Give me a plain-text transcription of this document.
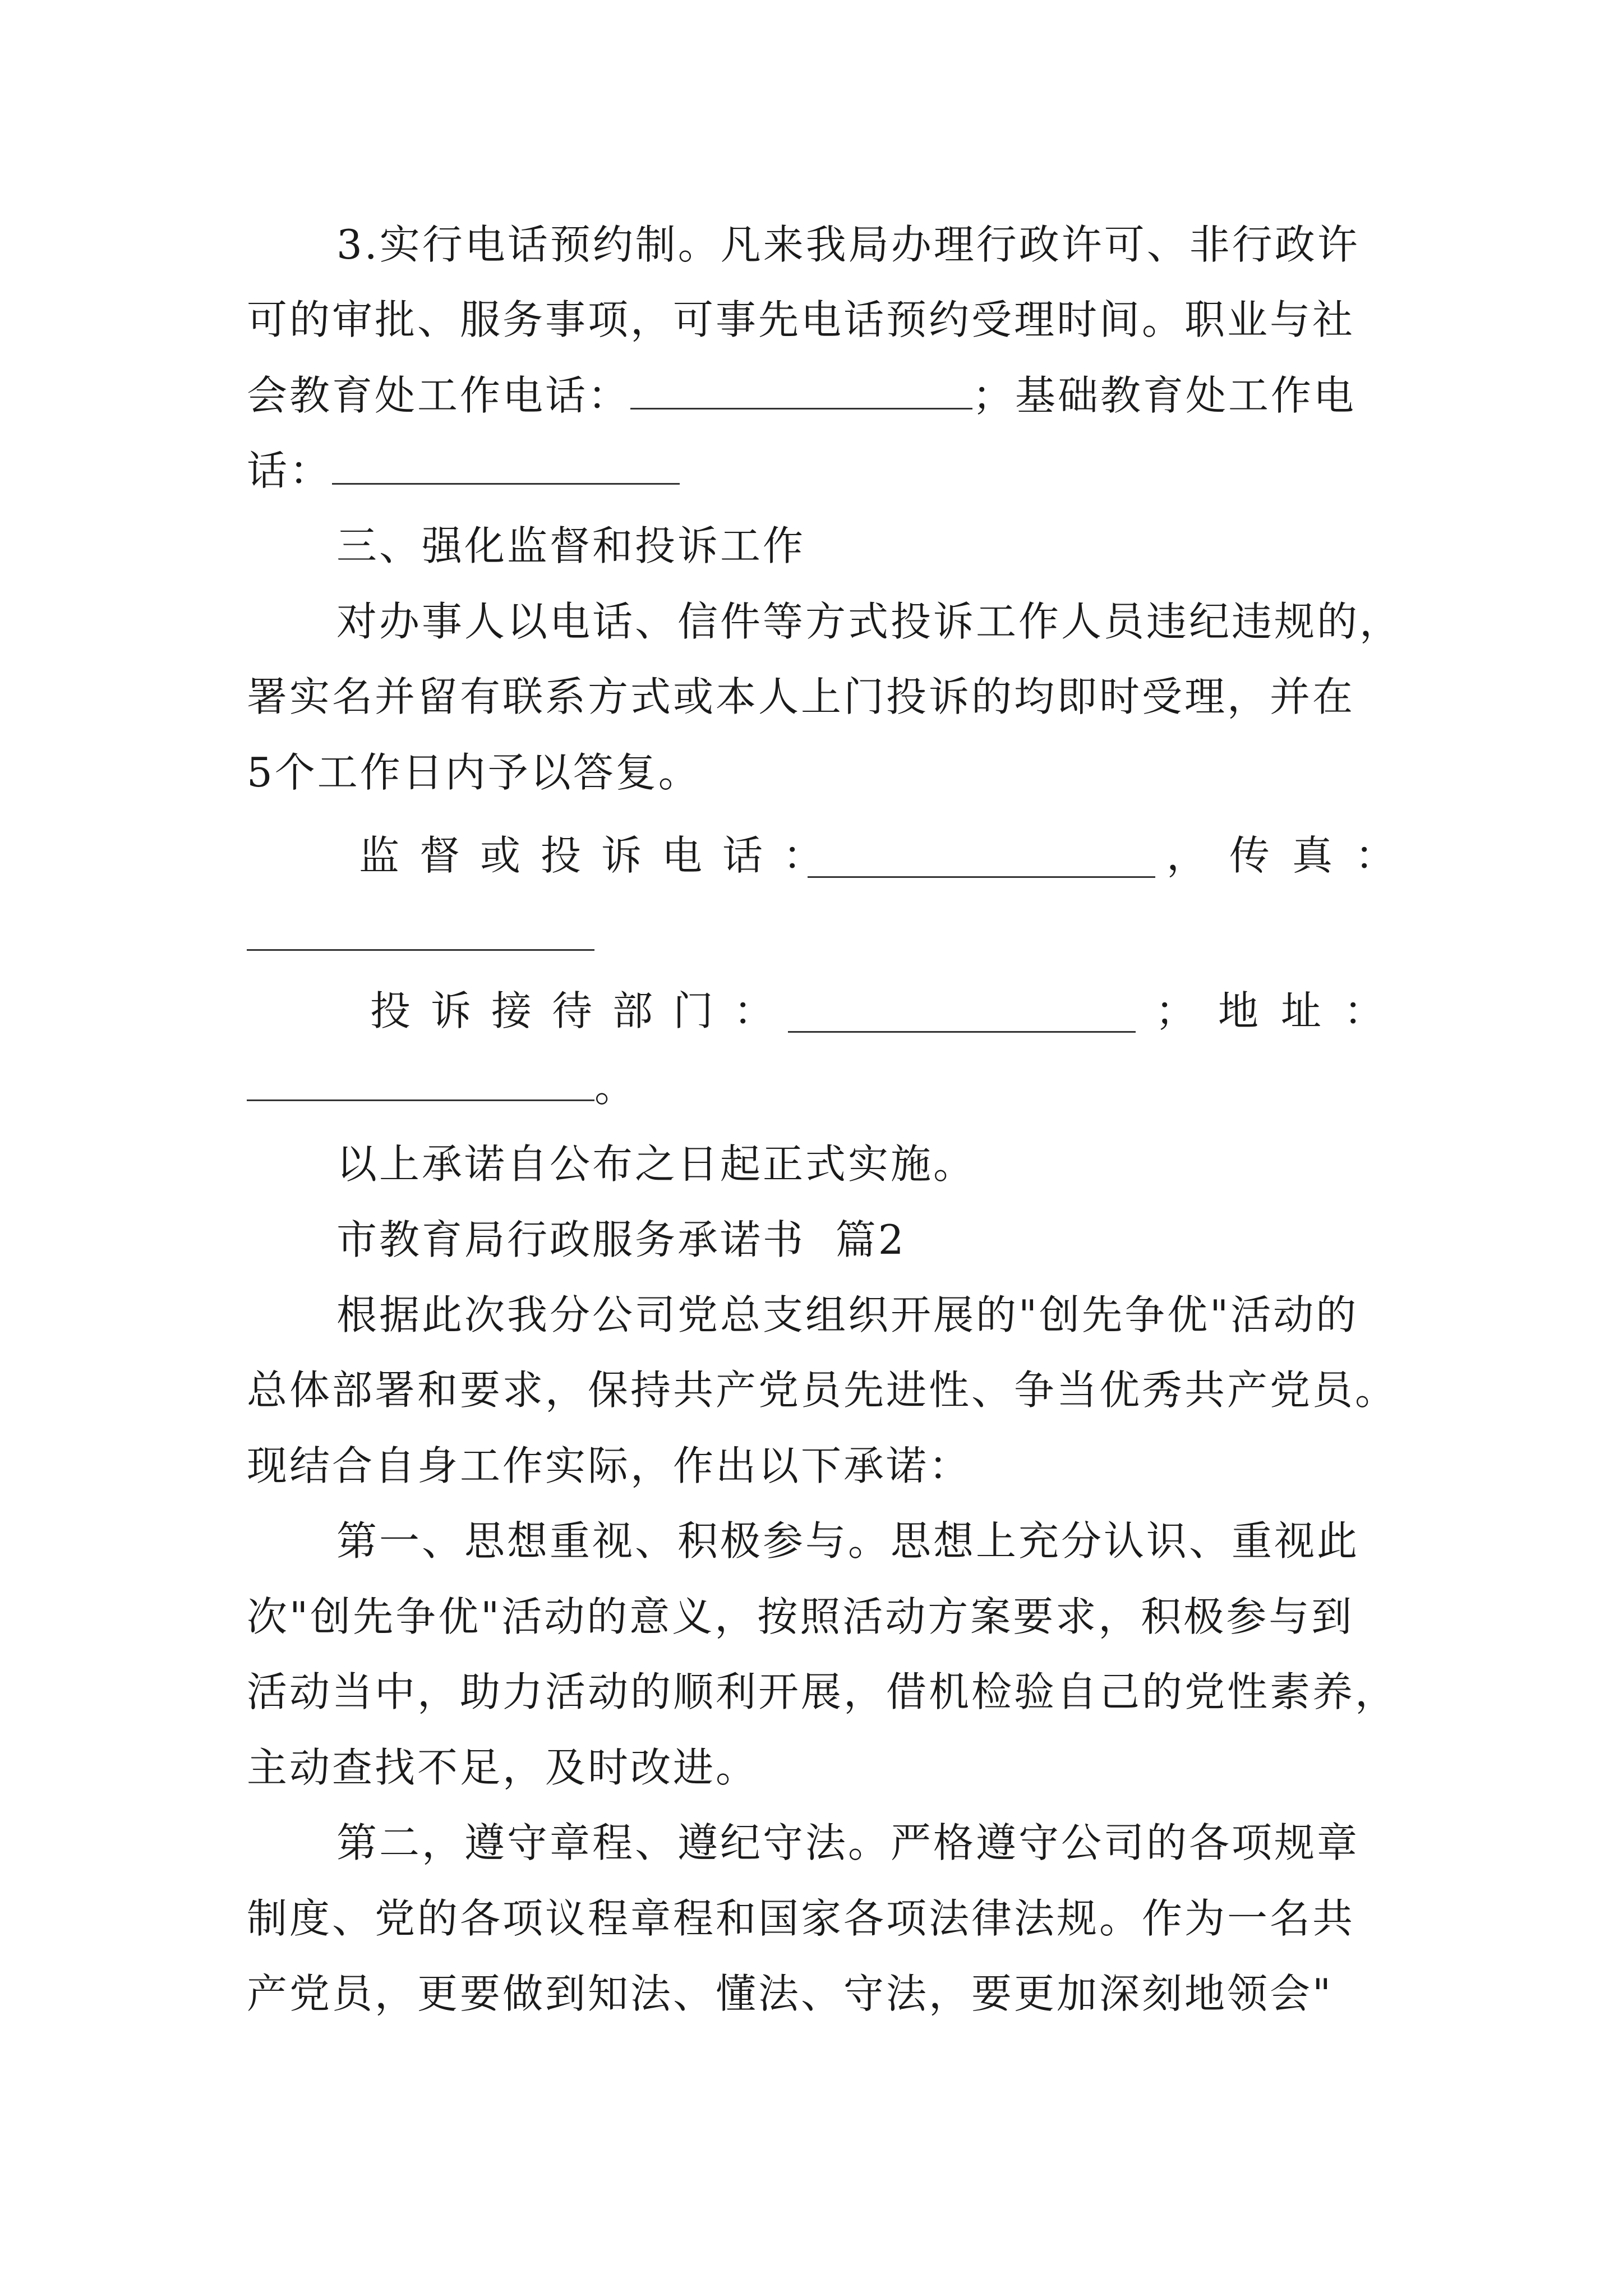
3.实行电话预约制。凡来我局办理行政许可、非行政许
可的审批、服务事项，可事先电话预约受理时间。职业与社
会教育处工作电话：	；基础教育处工作电
话：
三、强化监督和投诉工作
对办事人以电话、信件等方式投诉工作人员违纪违规的，
署实名并留有联系方式或本人上门投诉的均即时受理，并在
5个工作日内予以答复。
监督或投诉电话：	，传真：
投诉接待部门：	；地址：
。
以上承诺自公布之日起正式实施。
市教育局行政服务承诺书  篇2
根据此次我分公司党总支组织开展的"创先争优"活动的
总体部署和要求，保持共产党员先进性、争当优秀共产党员。
现结合自身工作实际，作出以下承诺：
第一、思想重视、积极参与。思想上充分认识、重视此
次"创先争优"活动的意义，按照活动方案要求，积极参与到
活动当中，助力活动的顺利开展，借机检验自己的党性素养，
主动查找不足，及时改进。
第二，遵守章程、遵纪守法。严格遵守公司的各项规章
制度、党的各项议程章程和国家各项法律法规。作为一名共
产党员，更要做到知法、懂法、守法，要更加深刻地领会"
